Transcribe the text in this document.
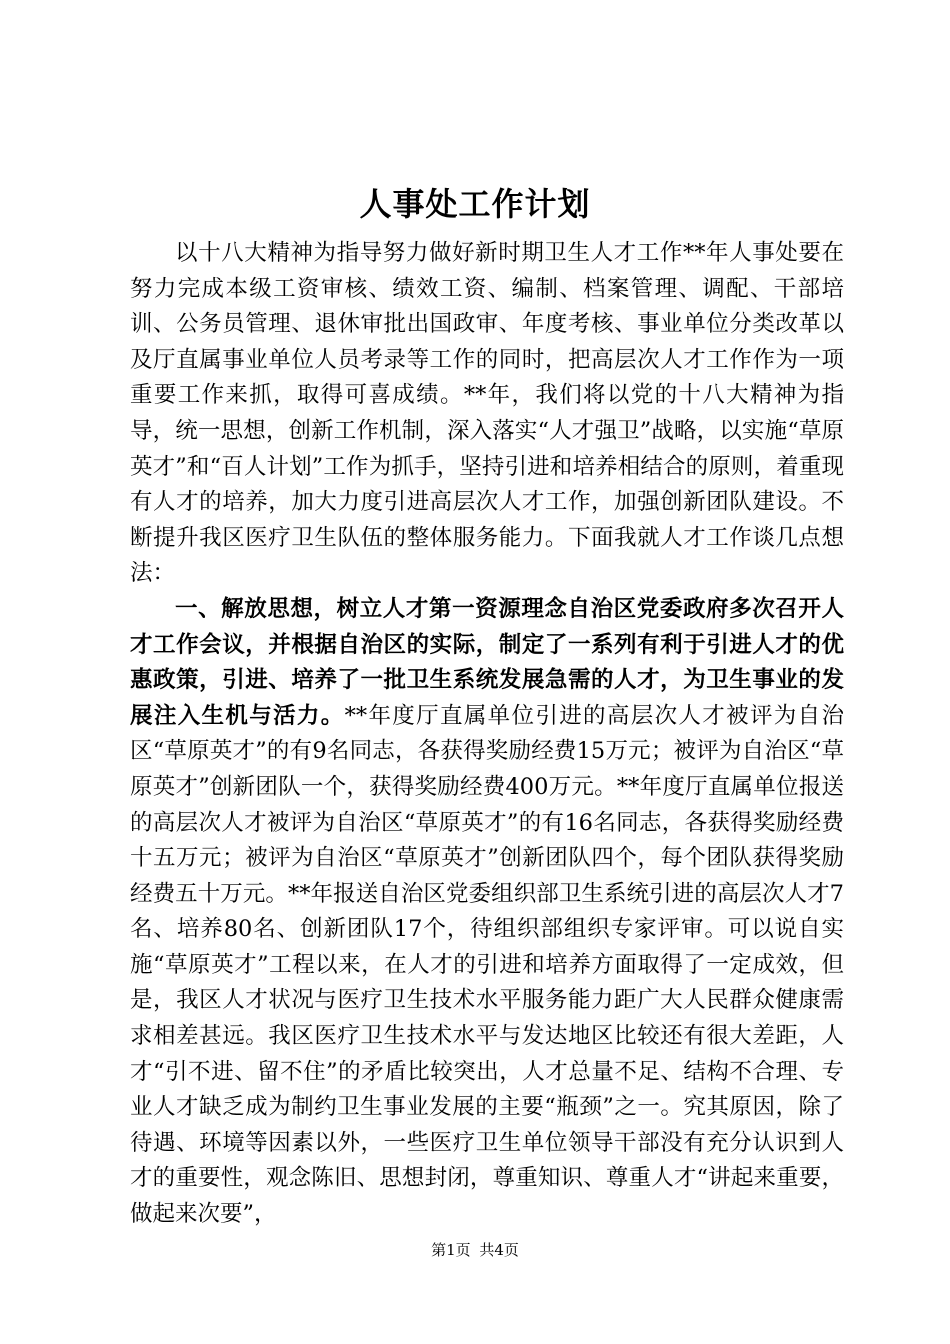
人事处工作计划

以十八大精神为指导努力做好新时期卫生人才工作**年人事处要在努力完成本级工资审核、绩效工资、编制、档案管理、调配、干部培训、公务员管理、退休审批出国政审、年度考核、事业单位分类改革以及厅直属事业单位人员考录等工作的同时，把高层次人才工作作为一项重要工作来抓，取得可喜成绩。**年，我们将以党的十八大精神为指导，统一思想，创新工作机制，深入落实“人才强卫”战略，以实施“草原英才”和“百人计划”工作为抓手，坚持引进和培养相结合的原则，着重现有人才的培养，加大力度引进高层次人才工作，加强创新团队建设。不断提升我区医疗卫生队伍的整体服务能力。下面我就人才工作谈几点想法：

一、解放思想，树立人才第一资源理念自治区党委政府多次召开人才工作会议，并根据自治区的实际，制定了一系列有利于引进人才的优惠政策，引进、培养了一批卫生系统发展急需的人才，为卫生事业的发展注入生机与活力。**年度厅直属单位引进的高层次人才被评为自治区“草原英才”的有9名同志，各获得奖励经费15万元；被评为自治区“草原英才”创新团队一个，获得奖励经费400万元。**年度厅直属单位报送的高层次人才被评为自治区“草原英才”的有16名同志，各获得奖励经费十五万元；被评为自治区“草原英才”创新团队四个，每个团队获得奖励经费五十万元。**年报送自治区党委组织部卫生系统引进的高层次人才7名、培养80名、创新团队17个，待组织部组织专家评审。可以说自实施“草原英才”工程以来，在人才的引进和培养方面取得了一定成效，但是，我区人才状况与医疗卫生技术水平服务能力距广大人民群众健康需求相差甚远。我区医疗卫生技术水平与发达地区比较还有很大差距，人才“引不进、留不住”的矛盾比较突出，人才总量不足、结构不合理、专业人才缺乏成为制约卫生事业发展的主要“瓶颈”之一。究其原因，除了待遇、环境等因素以外，一些医疗卫生单位领导干部没有充分认识到人才的重要性，观念陈旧、思想封闭，尊重知识、尊重人才“讲起来重要，做起来次要”，

第1页 共4页
